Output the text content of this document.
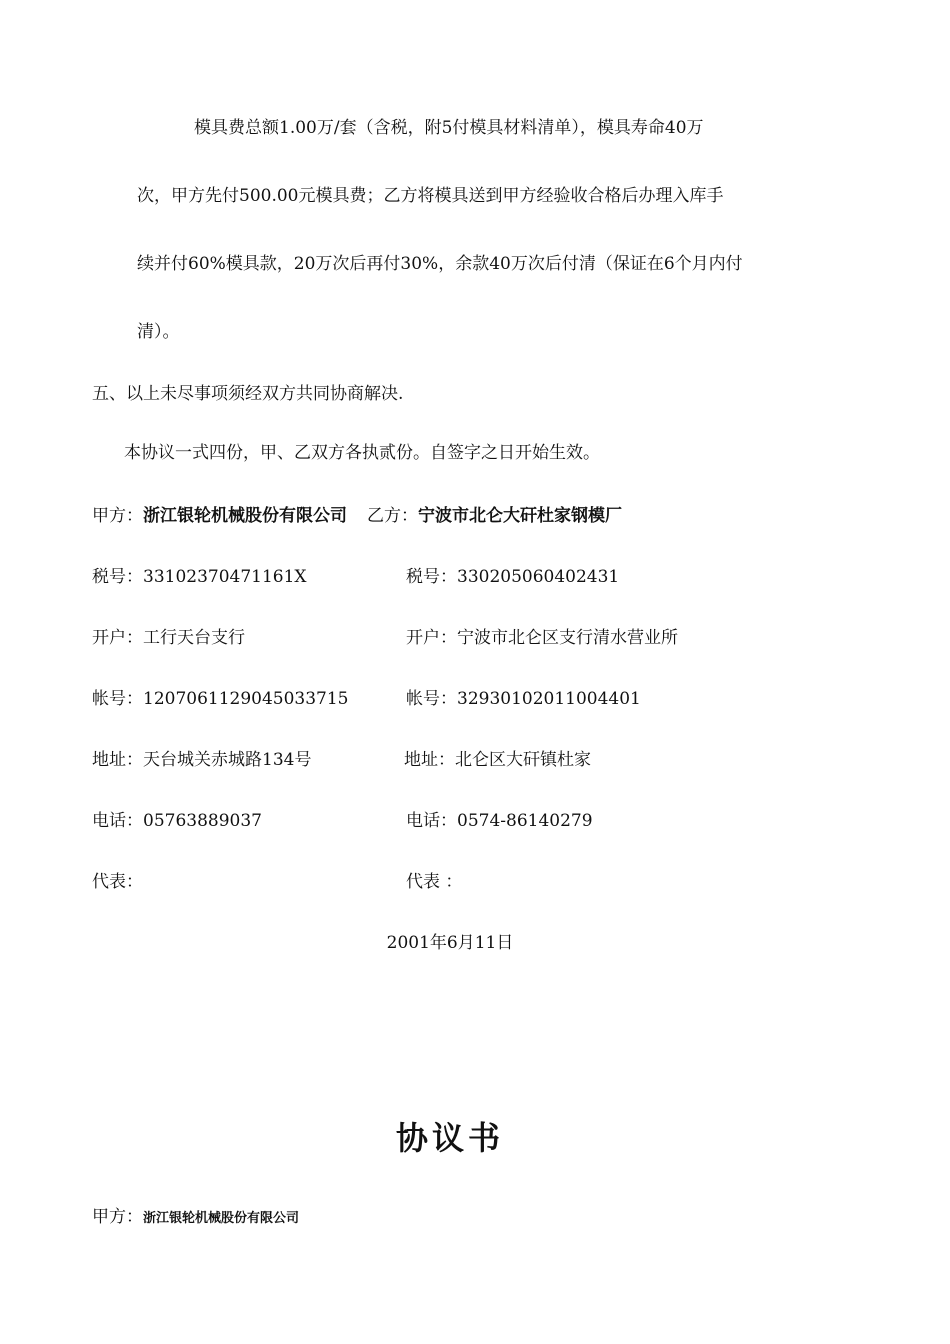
模具费总额1.00万/套（含税，附5付模具材料清单），模具寿命40万
次，甲方先付500.00元模具费；乙方将模具送到甲方经验收合格后办理入库手
续并付60%模具款，20万次后再付30%，余款40万次后付清（保证在6个月内付
清）。
五、以上未尽事项须经双方共同协商解决.
本协议一式四份，甲、乙双方各执贰份。自签字之日开始生效。
甲方：浙江银轮机械股份有限公司 乙方：宁波市北仑大矸杜家钢模厂
税号：33102370471161X	税号：330205060402431
开户：工行天台支行	开户：宁波市北仑区支行清水营业所
帐号：1207061129045033715	帐号：32930102011004401
地址：天台城关赤城路134号	地址：北仑区大矸镇杜家
电话：05763889037	电话：0574-86140279
代表：	代表 ：
2001年6月11日
协议书
甲方：浙江银轮机械股份有限公司
